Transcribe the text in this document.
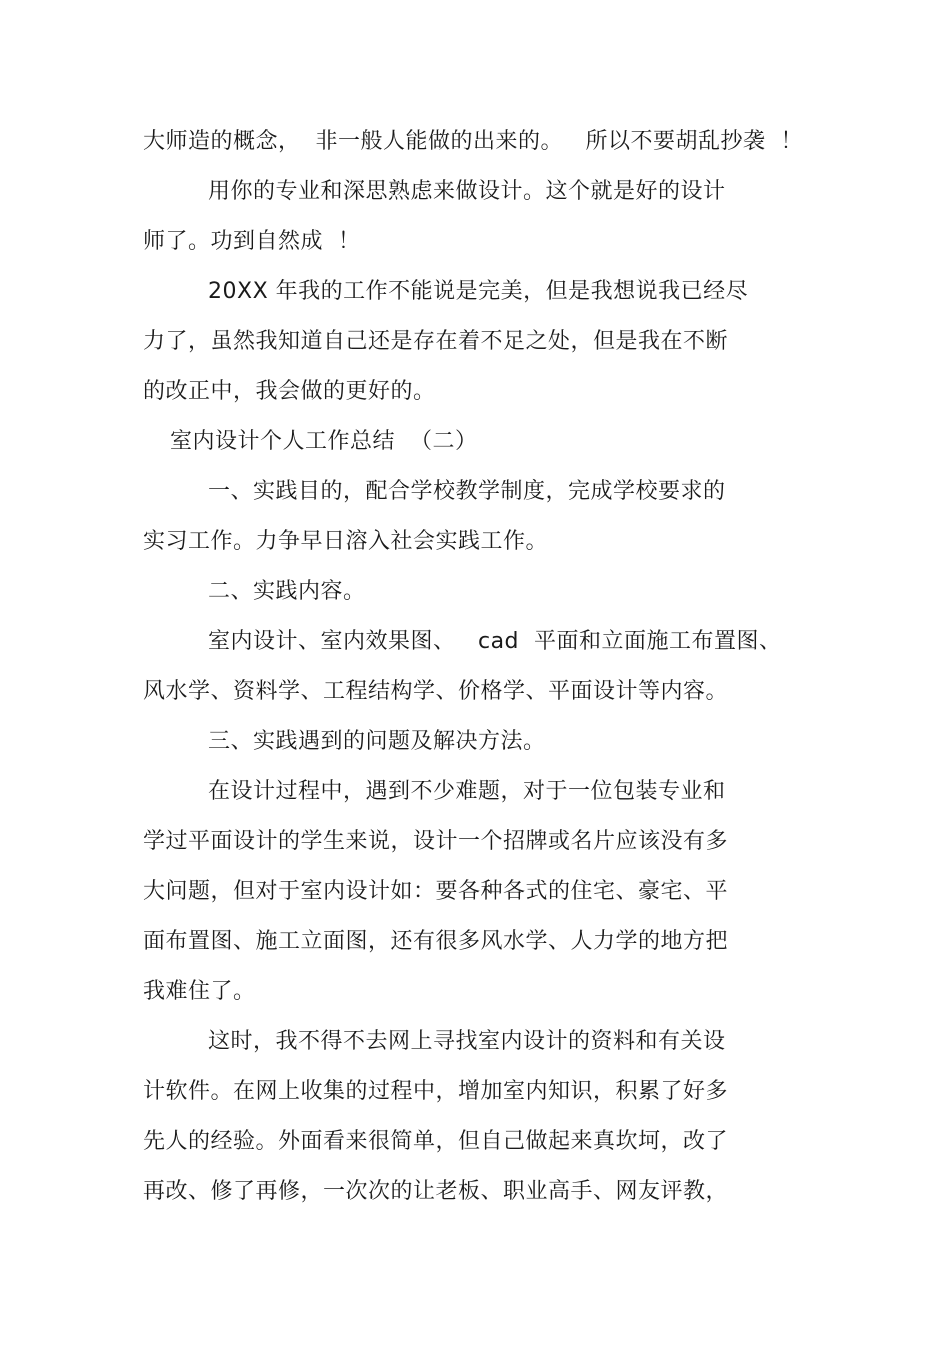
大师造的概念，  非一般人能做的出来的。   所以不要胡乱抄袭  ！
用你的专业和深思熟虑来做设计。这个就是好的设计
师了。功到自然成  ！
20XX 年我的工作不能说是完美，但是我想说我已经尽
力了，虽然我知道自己还是存在着不足之处，但是我在不断
的改正中，我会做的更好的。
室内设计个人工作总结  （二）
一、实践目的，配合学校教学制度，完成学校要求的
实习工作。力争早日溶入社会实践工作。
二、实践内容。
室内设计、室内效果图、   cad  平面和立面施工布置图、
风水学、资料学、工程结构学、价格学、平面设计等内容。
三、实践遇到的问题及解决方法。
在设计过程中，遇到不少难题，对于一位包装专业和
学过平面设计的学生来说，设计一个招牌或名片应该没有多
大问题，但对于室内设计如：要各种各式的住宅、豪宅、平
面布置图、施工立面图，还有很多风水学、人力学的地方把
我难住了。
这时，我不得不去网上寻找室内设计的资料和有关设
计软件。在网上收集的过程中，增加室内知识，积累了好多
先人的经验。外面看来很简单，但自己做起来真坎坷，改了
再改、修了再修，一次次的让老板、职业高手、网友评教，
